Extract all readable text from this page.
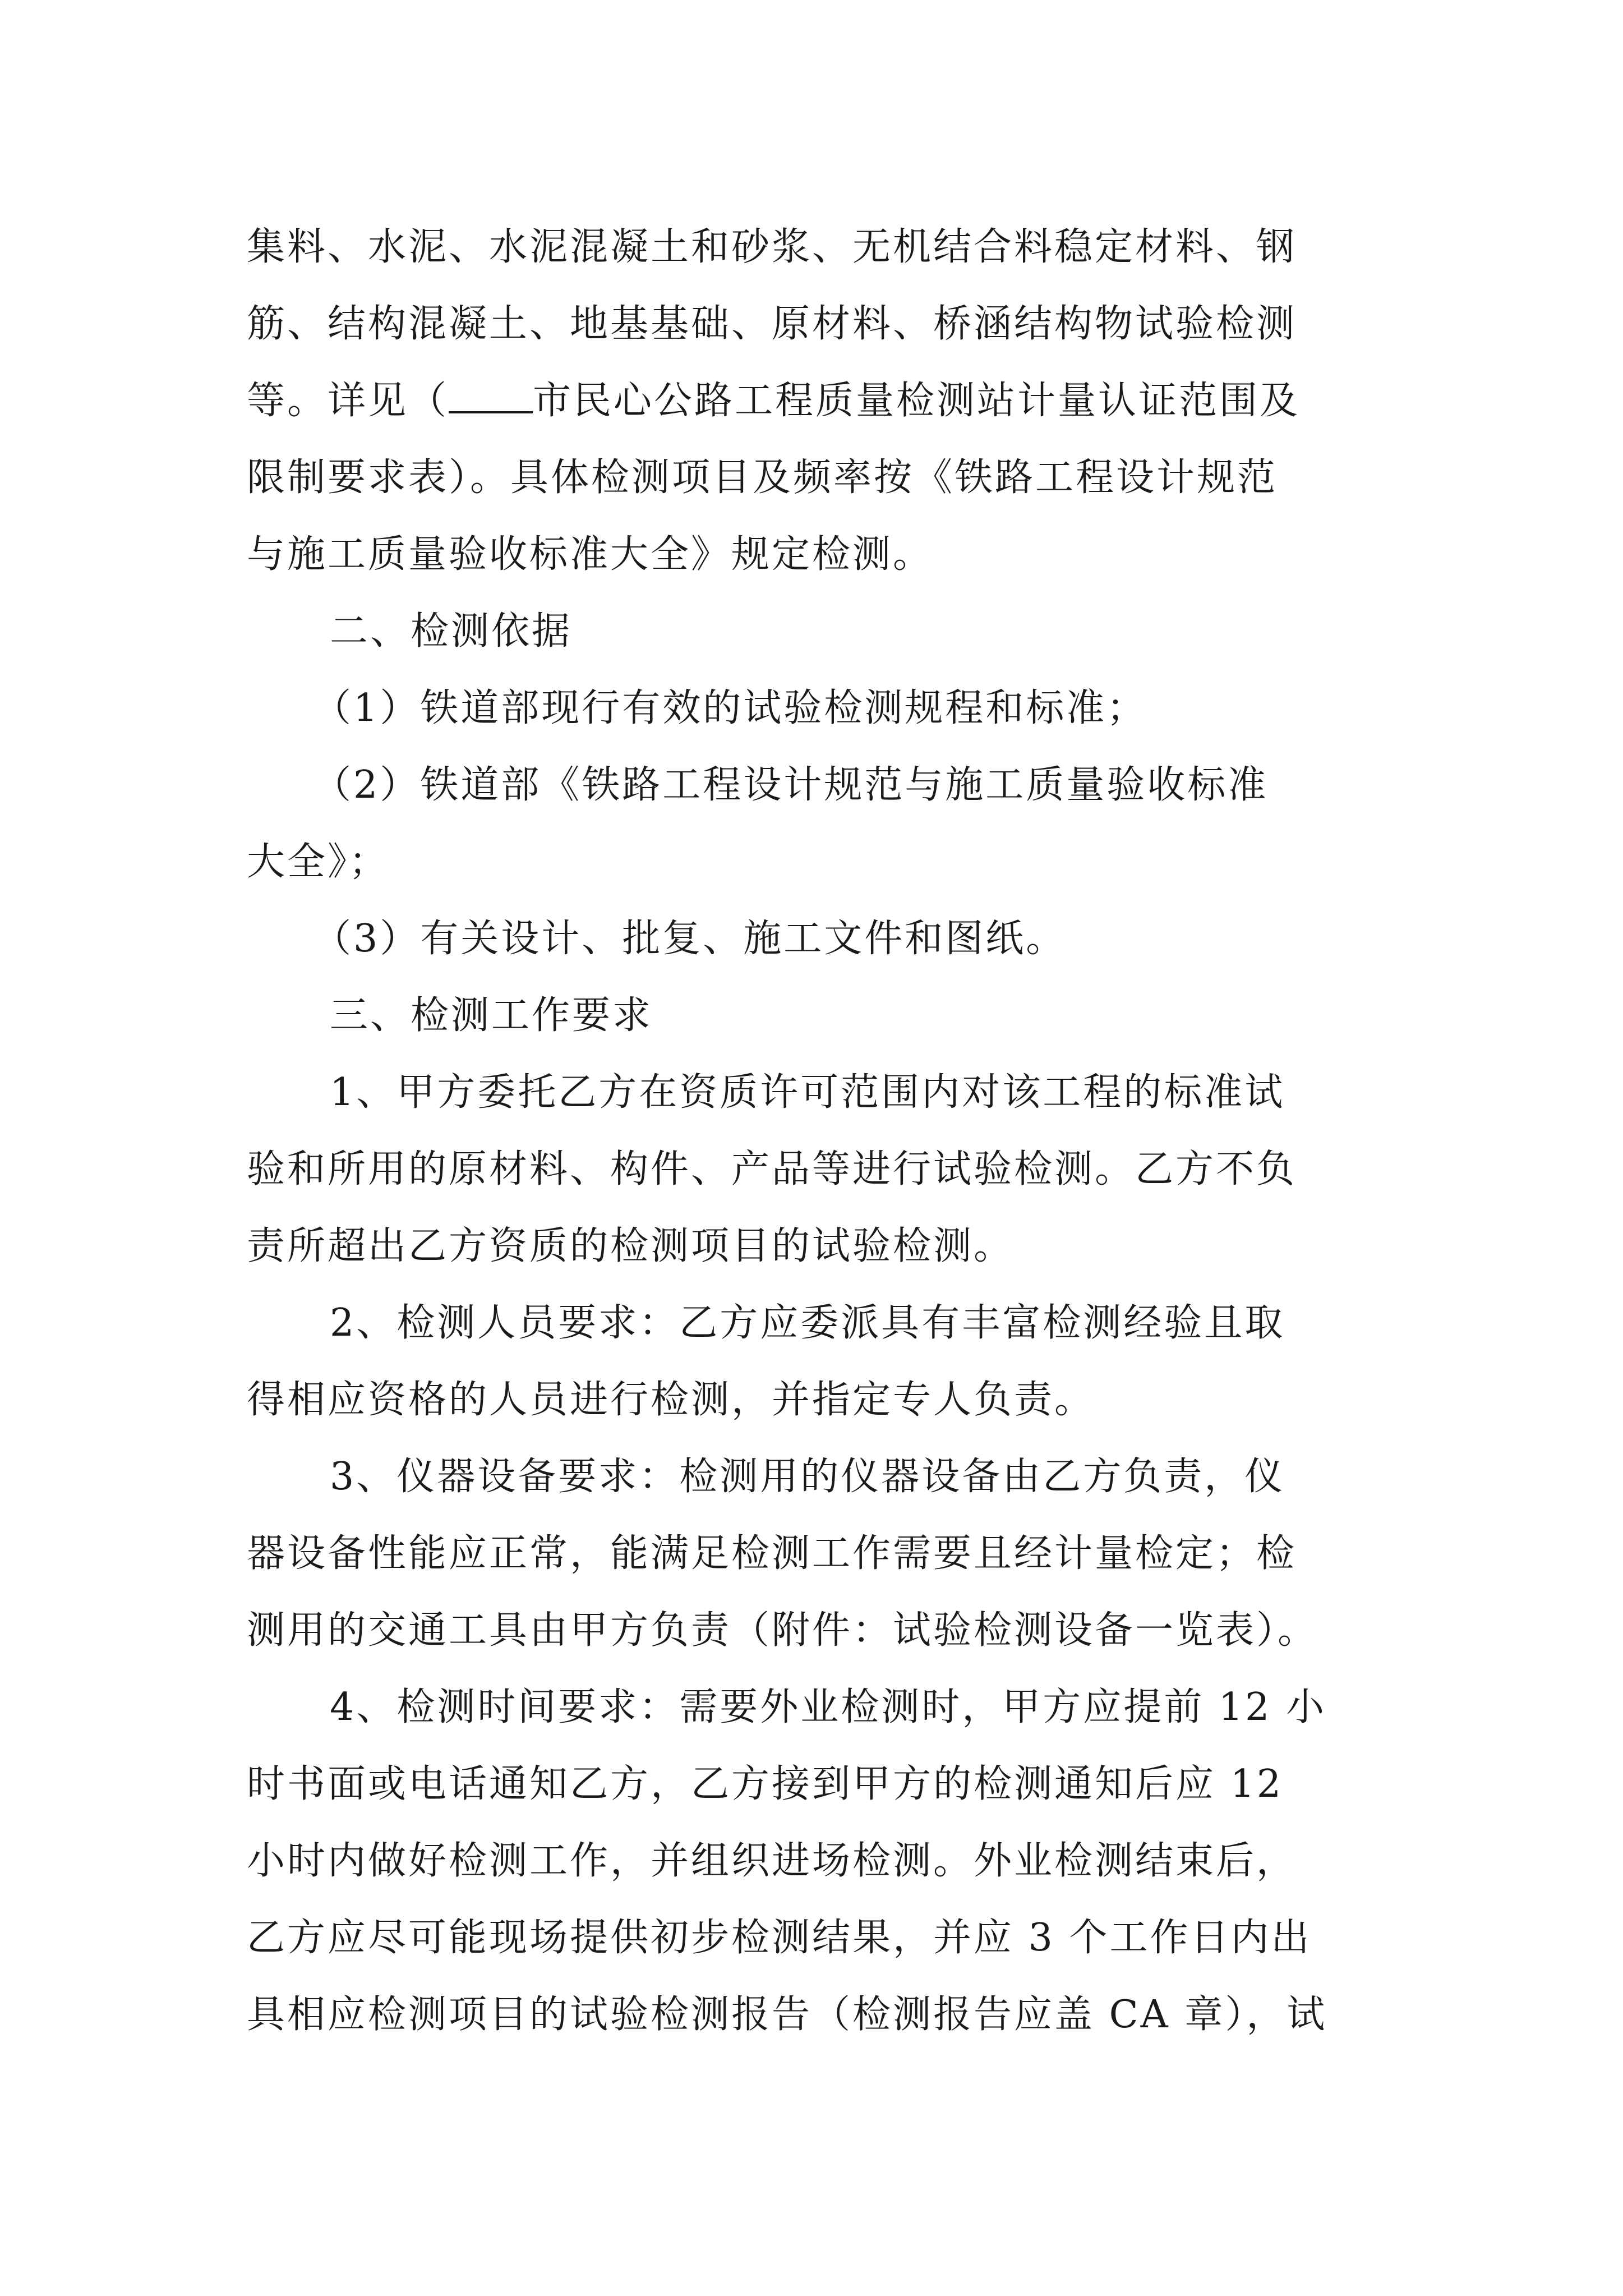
集料、水泥、水泥混凝土和砂浆、无机结合料稳定材料、钢
筋、结构混凝土、地基基础、原材料、桥涵结构物试验检测
等。详见（ 市民心公路工程质量检测站计量认证范围及
限制要求表）。具体检测项目及频率按《铁路工程设计规范
与施工质量验收标准大全》规定检测。
二、检测依据
（1）铁道部现行有效的试验检测规程和标准；
（2）铁道部《铁路工程设计规范与施工质量验收标准
大全》；
（3）有关设计、批复、施工文件和图纸。
三、检测工作要求
1、甲方委托乙方在资质许可范围内对该工程的标准试
验和所用的原材料、构件、产品等进行试验检测。乙方不负
责所超出乙方资质的检测项目的试验检测。
2、检测人员要求：乙方应委派具有丰富检测经验且取
得相应资格的人员进行检测，并指定专人负责。
3、仪器设备要求：检测用的仪器设备由乙方负责，仪
器设备性能应正常，能满足检测工作需要且经计量检定；检
测用的交通工具由甲方负责（附件：试验检测设备一览表）。
4、检测时间要求：需要外业检测时，甲方应提前 12 小
时书面或电话通知乙方，乙方接到甲方的检测通知后应 12
小时内做好检测工作，并组织进场检测。外业检测结束后，
乙方应尽可能现场提供初步检测结果，并应 3 个工作日内出
具相应检测项目的试验检测报告（检测报告应盖 CA 章），试
